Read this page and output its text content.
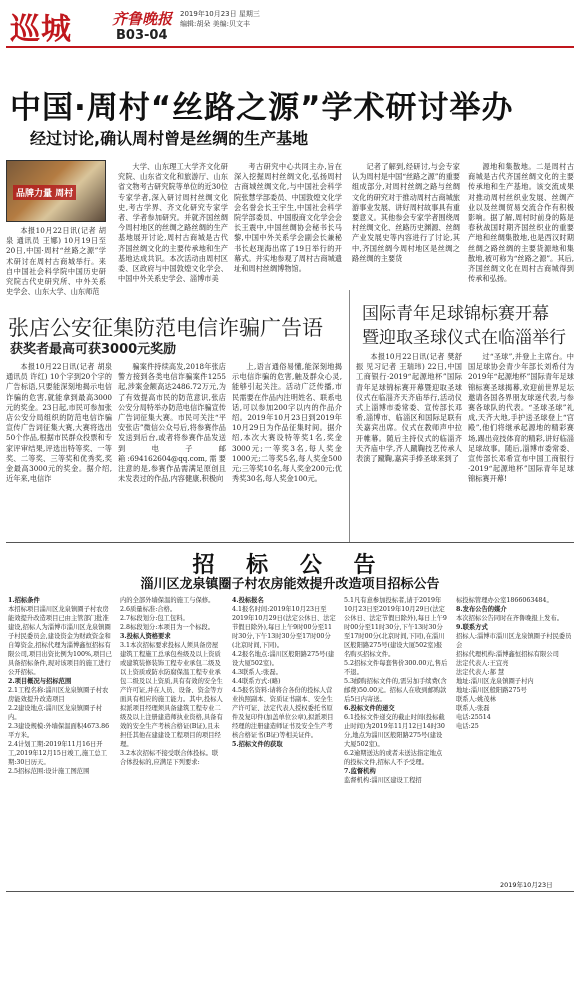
巡城	齐鲁晚报 2019年10月23日 星期三
编辑:胡朵 美编:贝文丰
B03-04
中国·周村“丝路之源”学术研讨举办
经过讨论,确认周村曾是丝绸的生产基地
品牌力量 周村

本报10月22日讯(记者 胡泉 通讯员 王娜) 10月19日至20日,中国·周村“丝路之源”学术研讨在周村古商城举行。来自中国社会科学院中国历史研究院古代史研究所、中外关系史学会、山东大学、山东师范

大学、山东理工大学齐文化研究院、山东省文化和旅游厅、山东省文物考古研究院等单位的近30位专家学者,深入研讨周村丝绸文化史,考古学界、齐文化研究专家学者、学者参加研究。并就齐国丝绸今周村地区的丝绸之路丝绸的生产基地展开讨论,周村古商城是古代齐国丝绸文化的主要传承地和生产基地达成共识。本次活动由周村区委、区政府与中国敦煌文化学会、中国中外关系史学会、淄博市美

考古研究中心共同主办,旨在深入挖掘周村丝绸文化,弘扬周村古商城丝绸文化,与中国社会科学院张慧学部委员、中国敦煌文化学会名誉会长王宇生,中国社会科学院学部委员、中国殷商文化学会会长王震中,中国丝绸协会秘书长马黎,中国中外关系学会副会长兼秘书长赵现海出席了19日举行的开幕式。并实地参观了周村古商城遗址和周村丝绸博物馆。

记者了解到,经研讨,与会专家认为周村是中国“丝路之源”的重要组成部分,对周村丝绸之路与丝绸文化的研究对于推动周村古商城旅游事业发展、讲好周村故事具有重要意义。其他参会专家学者围绕周村丝绸文化、丝路历史渊源、丝绸产业发展史等内容进行了讨论,其中,齐国丝绸今周村地区是丝绸之路丝绸的主要货

源地和集散地。二是周村古商城是古代齐国丝绸文化的主要传承地和生产基地。该交流成果对推动周村丝织业发展、丝绸产业以及丝绸贸易交流合作有积极影响。据了解,周村时前身的陈是春秋战国时期齐国丝织业的重要产地和丝绸集散地,也是西汉时期丝绸之路丝绸的主要货源地和集散地,被可称为“丝路之源”。其后,齐国丝绸文化在周村古商城得到传承和弘扬。

张店公安征集防范电信诈骗广告语
获奖者最高可获3000元奖励

本报10月22日讯(记者 胡泉 通讯员 许红) 10个字到20个字的广告标语,只要能深刻地揭示电信诈骗的危害,就能拿到最高3000元的奖金。23日起,市民可参加张店公安分局组织的防范电信诈骗宣传广告词征集大赛,大赛将选出50个作品,根据市民群众投票和专家评审结果,评选出特等奖、一等奖、二等奖、三等奖和优秀奖,奖金最高3000元的奖金。据介绍,近年来,电信诈

骗案件持续高发,2018年张店警方接到各类电信诈骗案件1255起,涉案金额高达2486.72万元,为了有效提高市民的防范意识,张店公安分局特举办防范电信诈骗宣传广告词征集大赛。市民可关注“平安张店”微信公众号后,将参赛作品发送到后台,或者将参赛作品发送到电子邮箱:694162604@qq.com,需要注意的是,参赛作品需满足原创且未发表过的作品,内容健康,积极向

上,语言通俗易懂,能深刻地揭示电信诈骗的危害,触及群众心灵,能够引起关注。活动广泛传播,市民需要在作品内注明姓名、联系电话,可以参加200字以内的作品介绍。2019年10月23日到2019年10月29日为作品征集时间。据介绍,本次大赛设特等奖1名,奖金3000元;一等奖3名,每人奖金1000元;二等奖5名,每人奖金500元;三等奖10名,每人奖金200元;优秀奖30名,每人奖金100元。

国际青年足球锦标赛开幕
暨迎取圣球仪式在临淄举行

本报10月22日讯(记者 樊舒振 见习记者 王瑞玮) 22日,中国工商银行·2019“起源地杯”国际青年足球锦标赛开幕暨迎取圣球仪式在临淄齐天齐庙举行,活动仪式上淄博市委常委、宣传部长邓希,淄博市、临淄区和国际足联有关嘉宾出席。仪式在教师声中拉开帷幕。随后主持仪式的临淄齐天齐庙中学,齐人蹴鞠技艺传承人表演了蹴鞠,嘉宾手捧圣球来到了

过“圣球”,并登上主席台。中国足球协会青少年部长刘希付为2019年“起源地杯”国际青年足球锦标赛圣球揭幕,欢迎前世界足坛邀请各国各界朋友球迷代表,与参赛各球队的代表。“圣球圣球”礼成,天齐大地,手护送圣球登上“宫殿”,他们将继承起源地的精彩赛场,踢出竞技体育的精彩,讲好临淄足球故事。随后,淄博市委常委、宣传部长邓希宣布中国工商银行·2019“起源地杯”国际青年足球锦标赛开幕!

招 标 公 告
淄川区龙泉镇圈子村农房能效提升改造项目招标公告

1.招标条件

本招标项目淄川区龙泉镇圈子村农房能效提升改造项目已由主管部门批准建设,招标人为淄博市淄川区龙泉镇圈子村民委员会,建设资金为财政资金和自筹资金,招标代理为淄博鑫恒招标有限公司,项目出资比例为100%,项目已具备招标条件,现对该项目的施工进行公开招标。

2.项目概况与招标范围

2.1工程名称:淄川区龙泉镇圈子村农房能效提升改造项目

2.2建设地点:淄川区龙泉镇圈子村内。

2.3建设规模:外墙保温面积4673.86平方米。

2.4计划工期:2019年11月16日开工,2019年12月15日竣工,施工总工期:30日历天。

2.5招标范围:设计施工图范围

内的全部外墙保温的施工与保修。

2.6质量标准:合格。

2.7标段划分:包工包料。

2.8标段划分:本项目为一个标段。

3.投标人资格要求

3.1本次招标要求投标人须具备房屋建筑工程施工总承包叁级及以上资质或建筑装修装饰工程专业承包二级及以上资质或防水防腐保温工程专业承包二级及以上资质,具有有效的安全生产许可证,并在人员、设备、资金等方面具有相应的施工能力。其中,投标人拟派项目经理须具备建筑工程专业二级及以上注册建造师执业资格,具备有效的安全生产考核合格证(B证),且未担任其他在建建设工程项目的项目经理。

3.2本次招标不接受联合体投标。联合体投标的,应满足下列要求:

4.投标报名

4.1报名时间:2019年10月23日至2019年10月29日(法定公休日、法定节假日除外),每日上午9时00分至11时30分,下午13时30分至17时00分(北京时间,下同)。

4.2报名地点:淄川区般阳路275号(建设大厦502室)。

4.3联系人:张磊。

4.4联系方式:(略)

4.5报名资料:请将合各份的投标人营业执照副本、资质证书副本、安全生产许可证、法定代表人授权委托书原件及复印件(加盖单位公章),拟派项目经理的注册建造师证书及安全生产考核合格证书(B证)等相关证件。

5.招标文件的获取

5.1凡有意参加投标者,请于2019年10月23日至2019年10月29日(法定公休日、法定节假日除外),每日上午9时00分至11时30分,下午13时30分至17时00分(北京时间,下同),在淄川区般阳路275号(建设大厦502室)报名购买招标文件。

5.2招标文件每套售价300.00元,售后不退。

5.3邮购招标文件的,需另加手续费(含邮费)50.00元。招标人在收到邮购款后5日内寄送。

6.投标文件的递交

6.1投标文件递交的截止时间(投标截止时间)为2019年11月12日14时30分,地点为淄川区般阳路275号(建设大厦502室)。

6.2逾期送达的或者未送达指定地点的投标文件,招标人不予受理。

7.监督机构

监督机构:淄川区建设工程招

标投标管理办公室1866063484。

8.发布公告的媒介

本次招标公告同时在齐鲁晚报上发布。

9.联系方式

招标人:淄博市淄川区龙泉镇圈子村民委员会

招标代理机构:淄博鑫恒招标有限公司

法定代表人:王宜亮

法定代表人:郝 慧

地址:淄川区龙泉镇圈子村内

地址:淄川区般阳路275号

联系人:姚茂林

联系人:张磊

电话:25514

电话:25

2019年10月23日
